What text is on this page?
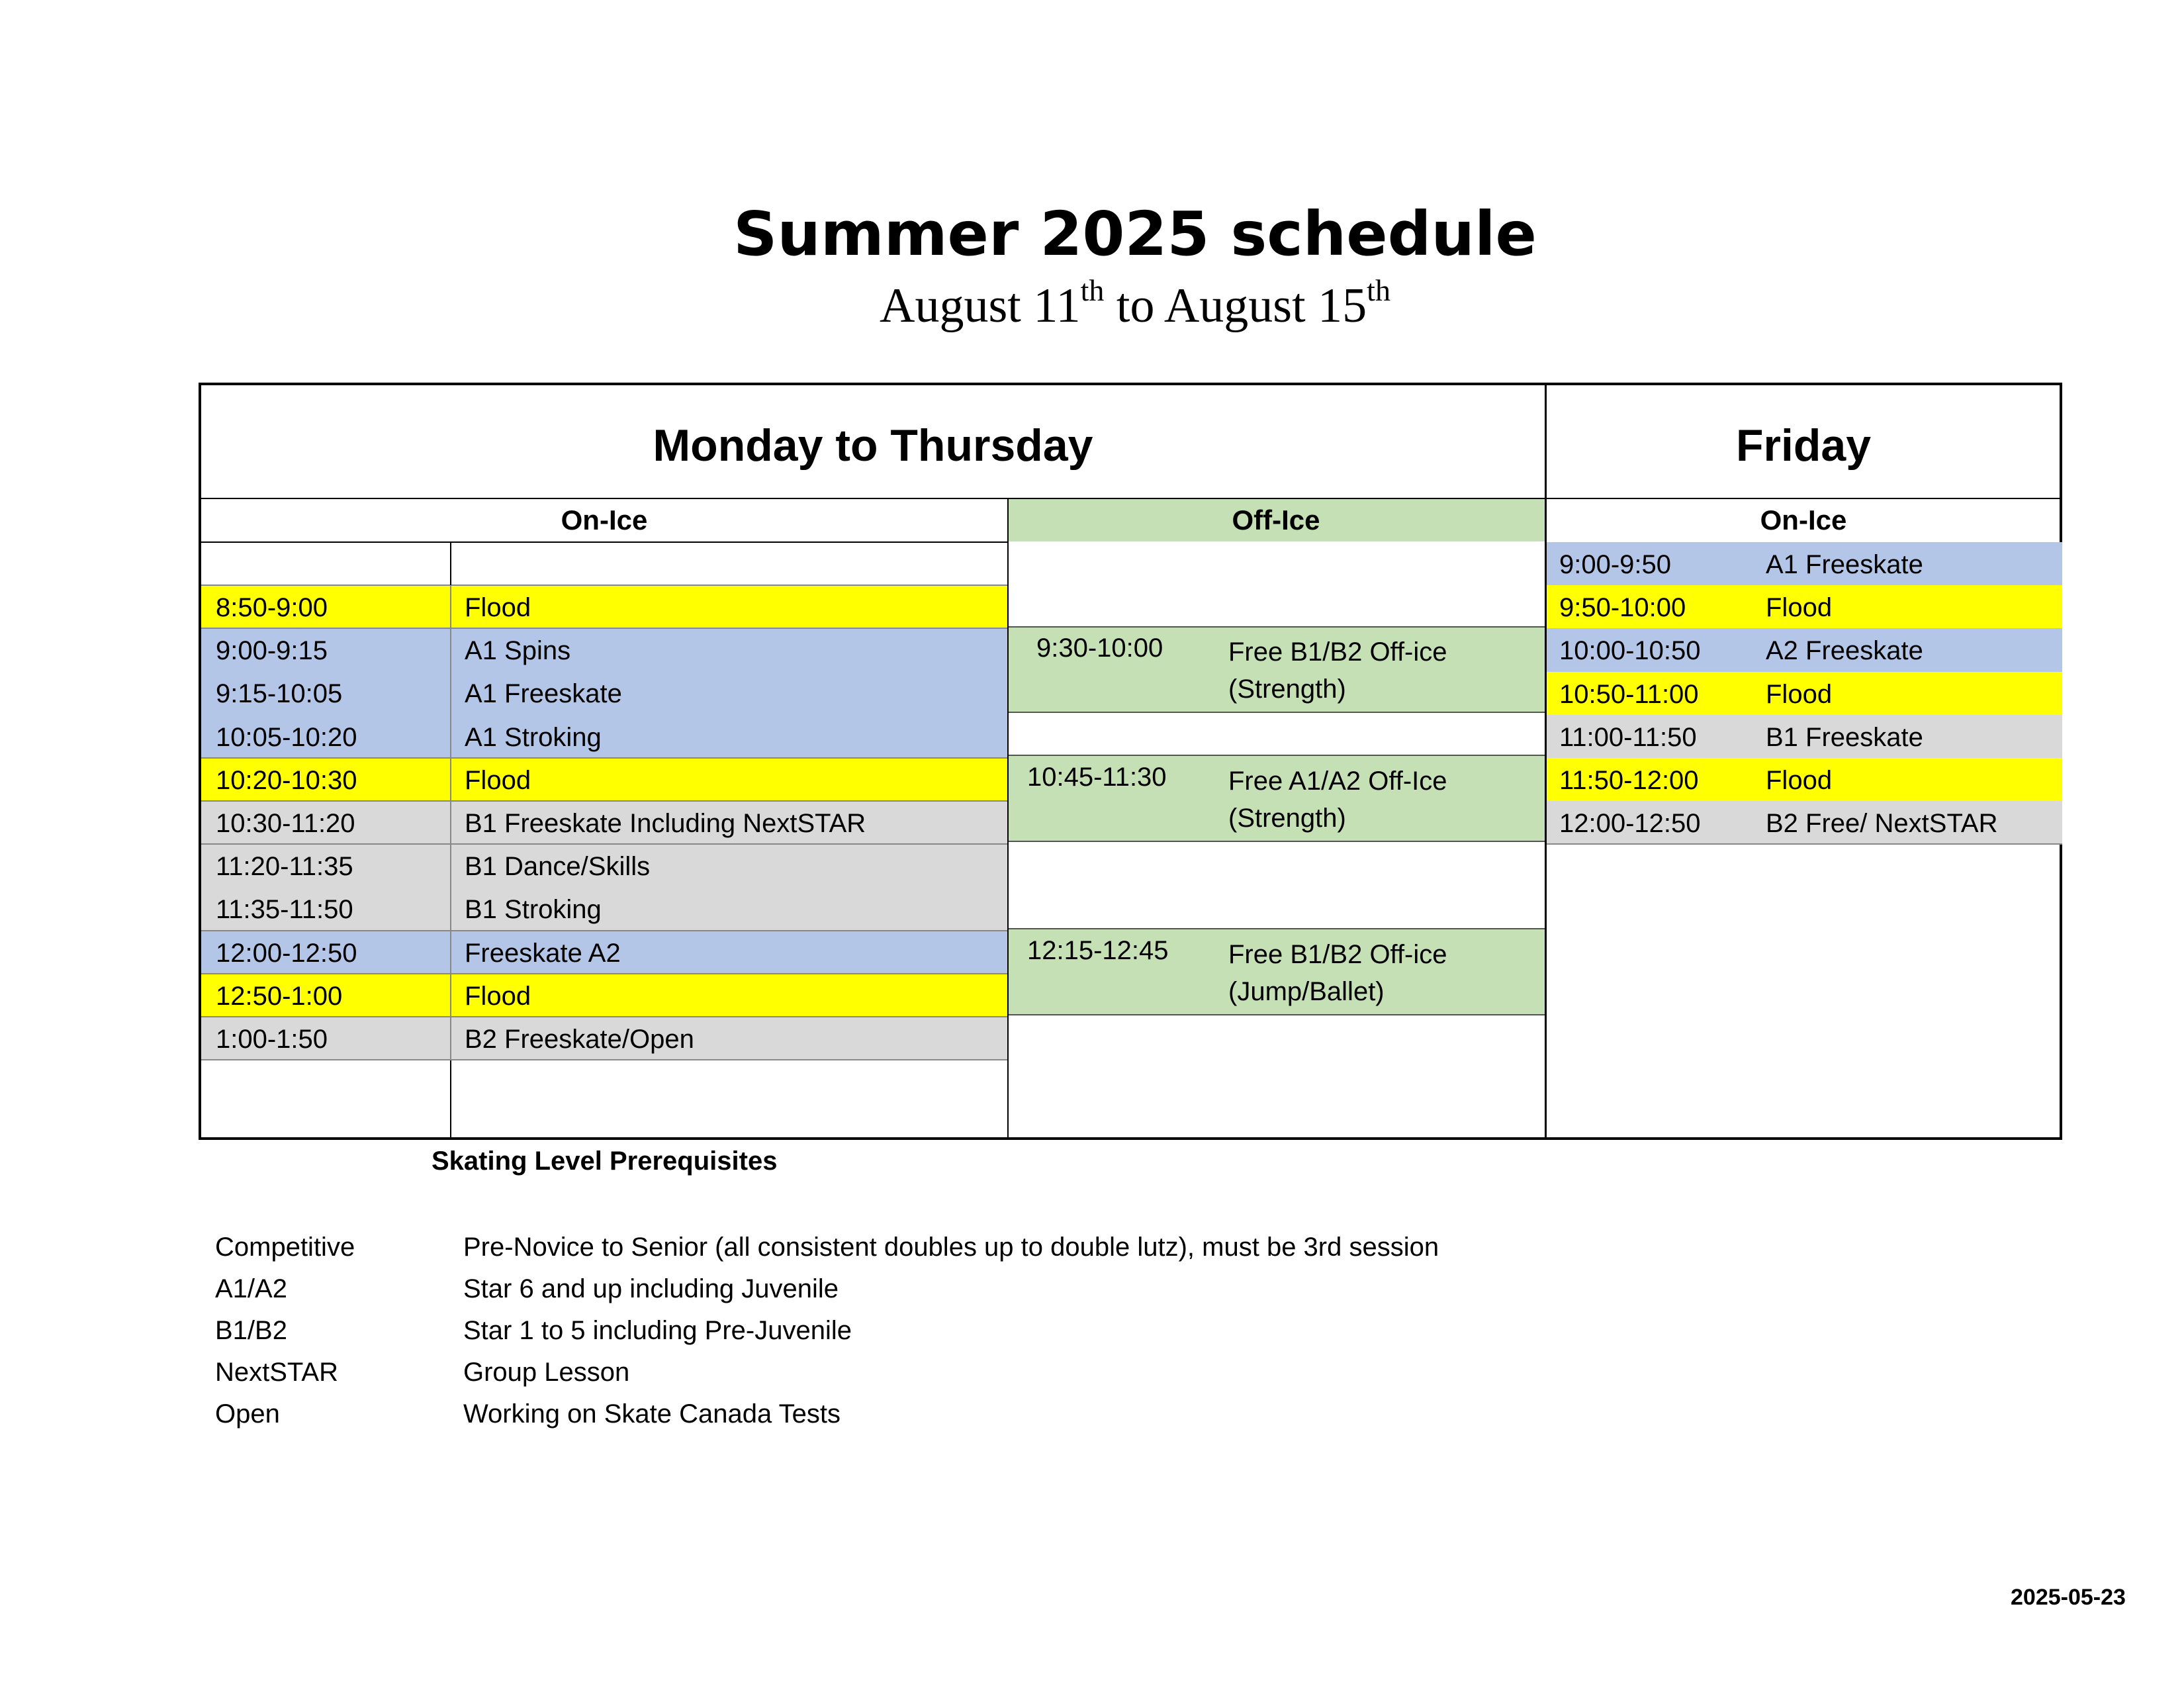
Summer 2025 schedule
August 11th to August 15th
Monday to Thursday	Friday
8:50-9:00	Flood
9:00-9:15	A1 Spins
9:15-10:05	A1 Freeskate
10:05-10:20	A1 Stroking
10:20-10:30	Flood
10:30-11:20	B1 Freeskate Including NextSTAR
11:20-11:35	B1 Dance/Skills
11:35-11:50	B1 Stroking
12:00-12:50	Freeskate A2
12:50-1:00	Flood
1:00-1:50	B2 Freeskate/Open
9:30-10:00 Free B1/B2 Off-ice
(Strength)
10:45-11:30 Free A1/A2 Off-Ice
(Strength)
12:15-12:45 Free B1/B2 Off-ice
(Jump/Ballet)
9:00-9:50	A1 Freeskate
9:50-10:00	Flood
10:00-10:50 A2 Freeskate
10:50-11:00	Flood
11:00-11:50	B1 Freeskate
11:50-12:00	Flood
12:00-12:50 B2 Free/ NextSTAR
On-Ice	Off-Ice	On-Ice
Skating Level Prerequisites
Competitive	Pre-Novice to Senior (all consistent doubles up to double lutz), must be 3rd session
A1/A2	Star 6 and up including Juvenile
B1/B2	Star 1 to 5 including Pre-Juvenile
NextSTAR	Group Lesson
Open	Working on Skate Canada Tests
2025-05-23
